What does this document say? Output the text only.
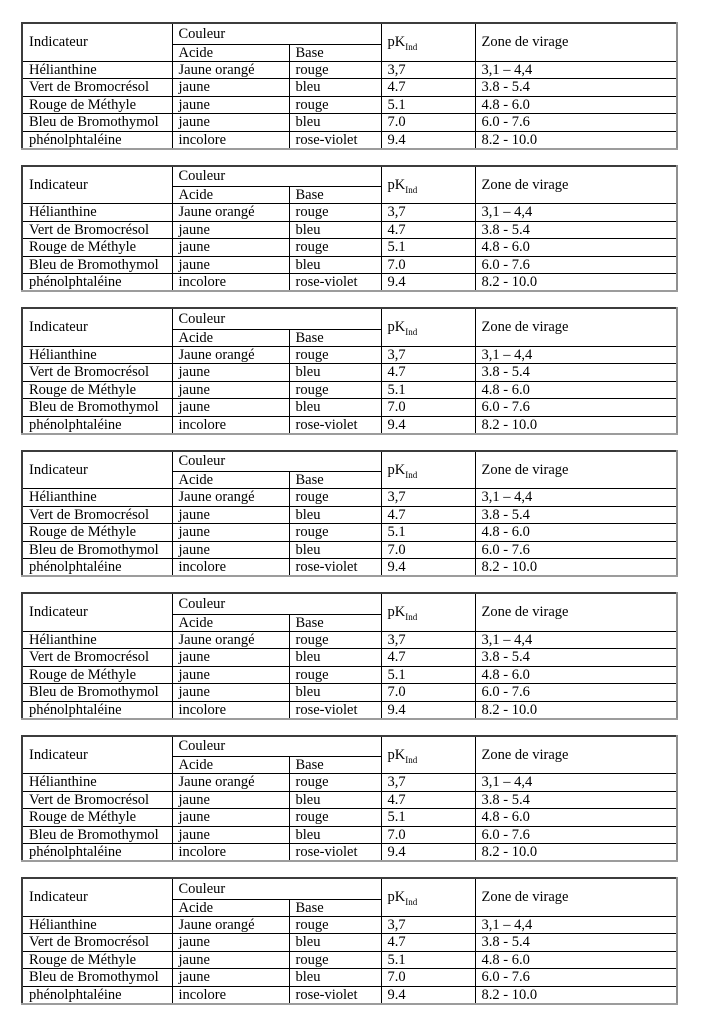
Indicateur	Couleur		$pK_{Ind}$	Zone de virage
	Acide	Base		
Hélianthine	Jaune orangé	rouge	3,7	3,1 – 4,4
Vert de Bromocrésol	jaune	bleu	4.7	3.8 - 5.4
Rouge de Méthyle	jaune	rouge	5.1	4.8 - 6.0
Bleu de Bromothymol	jaune	bleu	7.0	6.0 - 7.6
phénolphtaléine	incolore	rose-violet	9.4	8.2 - 10.0
Indicateur	Couleur		$pK_{Ind}$	Zone de virage
	Acide	Base		
Hélianthine	Jaune orangé	rouge	3,7	3,1 – 4,4
Vert de Bromocrésol	jaune	bleu	4.7	3.8 - 5.4
Rouge de Méthyle	jaune	rouge	5.1	4.8 - 6.0
Bleu de Bromothymol	jaune	bleu	7.0	6.0 - 7.6
phénolphtaléine	incolore	rose-violet	9.4	8.2 - 10.0
Indicateur	Couleur		$pK_{Ind}$	Zone de virage
	Acide	Base		
Hélianthine	Jaune orangé	rouge	3,7	3,1 – 4,4
Vert de Bromocrésol	jaune	bleu	4.7	3.8 - 5.4
Rouge de Méthyle	jaune	rouge	5.1	4.8 - 6.0
Bleu de Bromothymol	jaune	bleu	7.0	6.0 - 7.6
phénolphtaléine	incolore	rose-violet	9.4	8.2 - 10.0
Indicateur	Couleur		$pK_{Ind}$	Zone de virage
	Acide	Base		
Hélianthine	Jaune orangé	rouge	3,7	3,1 – 4,4
Vert de Bromocrésol	jaune	bleu	4.7	3.8 - 5.4
Rouge de Méthyle	jaune	rouge	5.1	4.8 - 6.0
Bleu de Bromothymol	jaune	bleu	7.0	6.0 - 7.6
phénolphtaléine	incolore	rose-violet	9.4	8.2 - 10.0
Indicateur	Couleur		$pK_{Ind}$	Zone de virage
	Acide	Base		
Hélianthine	Jaune orangé	rouge	3,7	3,1 – 4,4
Vert de Bromocrésol	jaune	bleu	4.7	3.8 - 5.4
Rouge de Méthyle	jaune	rouge	5.1	4.8 - 6.0
Bleu de Bromothymol	jaune	bleu	7.0	6.0 - 7.6
phénolphtaléine	incolore	rose-violet	9.4	8.2 - 10.0
Indicateur	Couleur		$pK_{Ind}$	Zone de virage
	Acide	Base		
Hélianthine	Jaune orangé	rouge	3,7	3,1 – 4,4
Vert de Bromocrésol	jaune	bleu	4.7	3.8 - 5.4
Rouge de Méthyle	jaune	rouge	5.1	4.8 - 6.0
Bleu de Bromothymol	jaune	bleu	7.0	6.0 - 7.6
phénolphtaléine	incolore	rose-violet	9.4	8.2 - 10.0
Indicateur	Couleur		$pK_{Ind}$	Zone de virage
	Acide	Base		
Hélianthine	Jaune orangé	rouge	3,7	3,1 – 4,4
Vert de Bromocrésol	jaune	bleu	4.7	3.8 - 5.4
Rouge de Méthyle	jaune	rouge	5.1	4.8 - 6.0
Bleu de Bromothymol	jaune	bleu	7.0	6.0 - 7.6
phénolphtaléine	incolore	rose-violet	9.4	8.2 - 10.0
